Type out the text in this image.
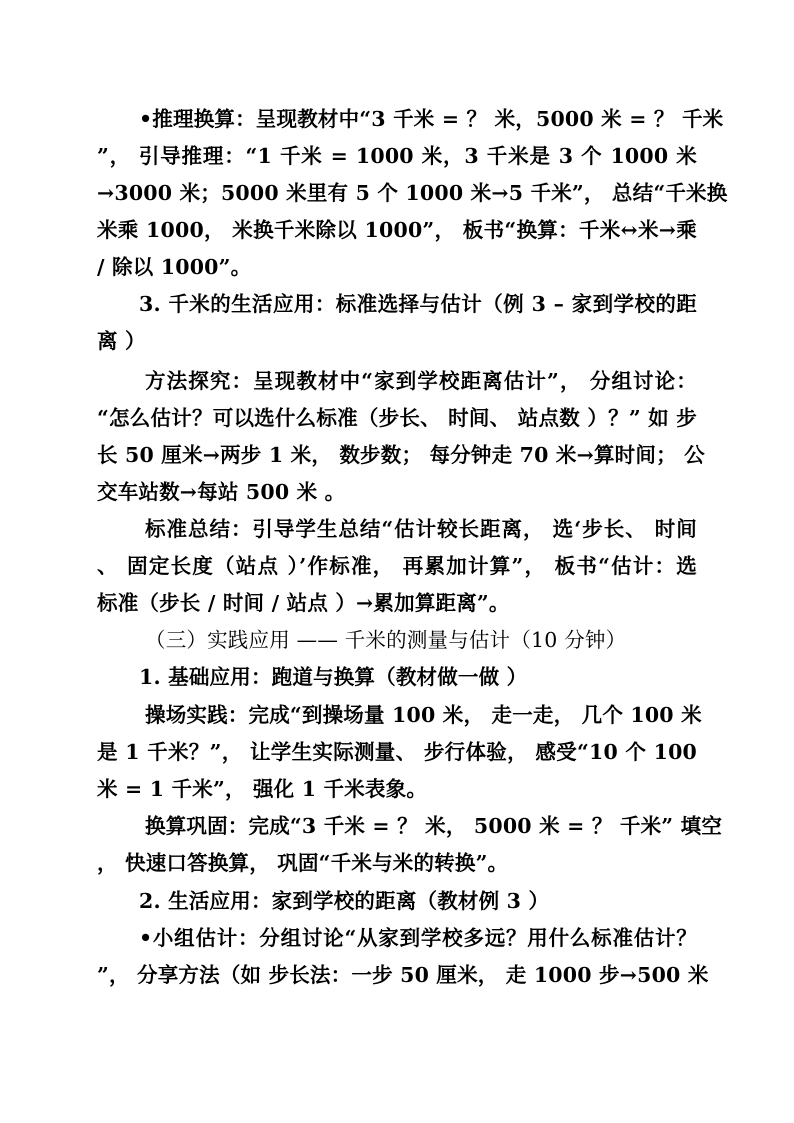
•推理换算：呈现教材中“3 千米 = ？ 米，5000 米 = ？ 千米
”， 引导推理：“1 千米 = 1000 米，3 千米是 3 个 1000 米
→3000 米；5000 米里有 5 个 1000 米→5 千米”， 总结“千米换
米乘 1000， 米换千米除以 1000”， 板书“换算：千米↔米→乘
/ 除以 1000”。
3. 千米的生活应用：标准选择与估计（例 3 – 家到学校的距
离 ）
方法探究：呈现教材中“家到学校距离估计”， 分组讨论：
“怎么估计？可以选什么标准（步长、 时间、 站点数 ）？” 如 步
长 50 厘米→两步 1 米， 数步数； 每分钟走 70 米→算时间； 公
交车站数→每站 500 米 。
标准总结：引导学生总结“估计较长距离， 选‘步长、 时间
、 固定长度（站点 ）’作标准， 再累加计算”， 板书“估计：选
标准（步长 / 时间 / 站点 ）→累加算距离”。
（三）实践应用 —— 千米的测量与估计（10 分钟）
1. 基础应用：跑道与换算（教材做一做 ）
操场实践：完成“到操场量 100 米， 走一走， 几个 100 米
是 1 千米？”， 让学生实际测量、 步行体验， 感受“10 个 100
米 = 1 千米”， 强化 1 千米表象。
换算巩固：完成“3 千米 = ？ 米， 5000 米 = ？ 千米” 填空
， 快速口答换算， 巩固“千米与米的转换”。
2. 生活应用：家到学校的距离（教材例 3 ）
•小组估计：分组讨论“从家到学校多远？用什么标准估计？
”， 分享方法（如 步长法：一步 50 厘米， 走 1000 步→500 米
